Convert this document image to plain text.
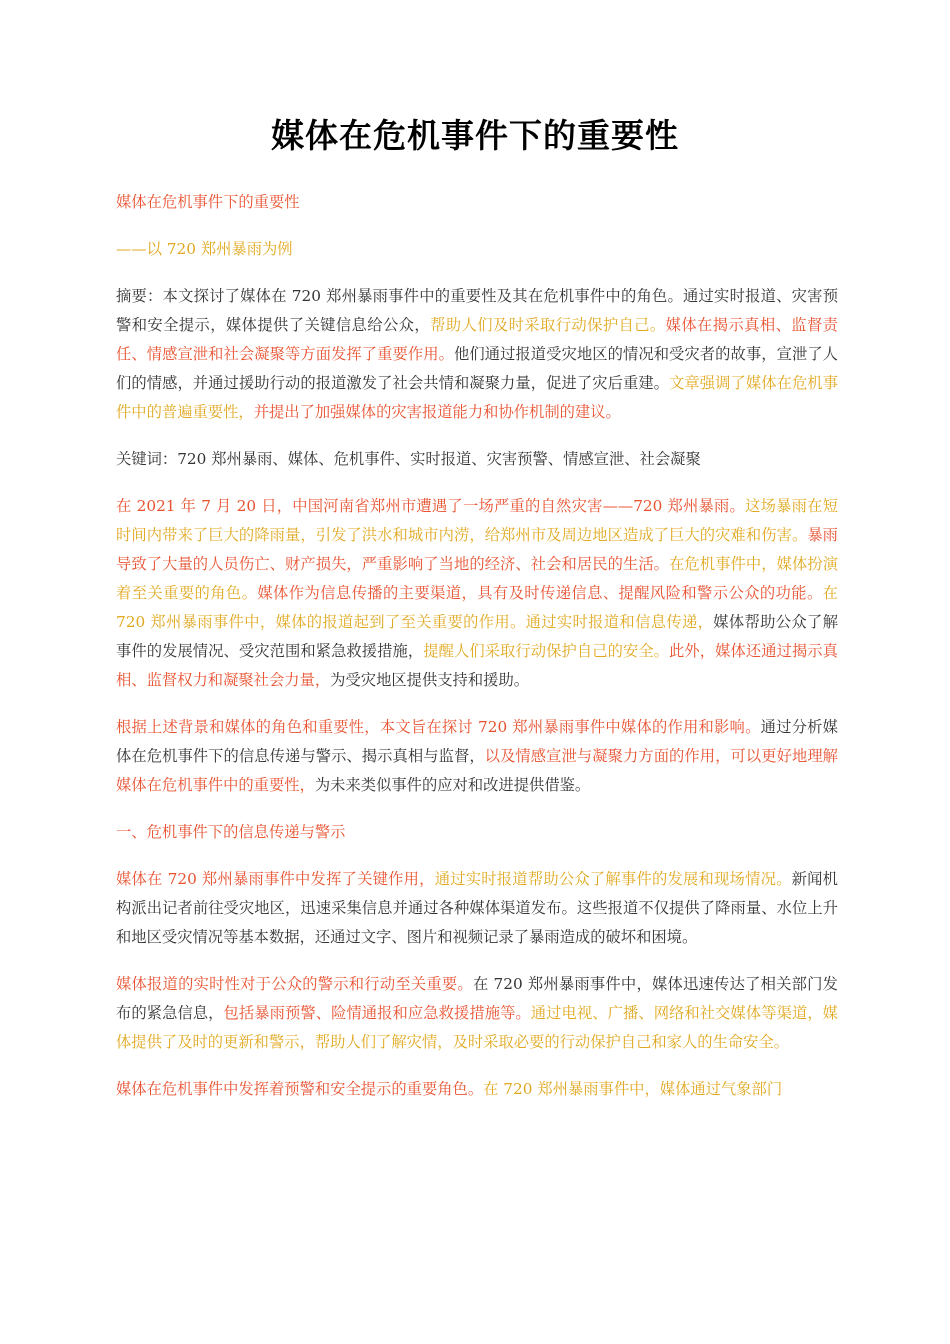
媒体在危机事件下的重要性

媒体在危机事件下的重要性

——以 720 郑州暴雨为例

摘要：本文探讨了媒体在 720 郑州暴雨事件中的重要性及其在危机事件中的角色。通过实时报道、灾害预警和安全提示，媒体提供了关键信息给公众，帮助人们及时采取行动保护自己。媒体在揭示真相、监督责任、情感宣泄和社会凝聚等方面发挥了重要作用。他们通过报道受灾地区的情况和受灾者的故事，宣泄了人们的情感，并通过援助行动的报道激发了社会共情和凝聚力量，促进了灾后重建。文章强调了媒体在危机事件中的普遍重要性，并提出了加强媒体的灾害报道能力和协作机制的建议。

关键词：720 郑州暴雨、媒体、危机事件、实时报道、灾害预警、情感宣泄、社会凝聚

在 2021 年 7 月 20 日，中国河南省郑州市遭遇了一场严重的自然灾害——720 郑州暴雨。这场暴雨在短时间内带来了巨大的降雨量，引发了洪水和城市内涝，给郑州市及周边地区造成了巨大的灾难和伤害。暴雨导致了大量的人员伤亡、财产损失，严重影响了当地的经济、社会和居民的生活。在危机事件中，媒体扮演着至关重要的角色。媒体作为信息传播的主要渠道，具有及时传递信息、提醒风险和警示公众的功能。在 720 郑州暴雨事件中，媒体的报道起到了至关重要的作用。通过实时报道和信息传递，媒体帮助公众了解事件的发展情况、受灾范围和紧急救援措施，提醒人们采取行动保护自己的安全。此外，媒体还通过揭示真相、监督权力和凝聚社会力量，为受灾地区提供支持和援助。

根据上述背景和媒体的角色和重要性，本文旨在探讨 720 郑州暴雨事件中媒体的作用和影响。通过分析媒体在危机事件下的信息传递与警示、揭示真相与监督，以及情感宣泄与凝聚力方面的作用，可以更好地理解媒体在危机事件中的重要性，为未来类似事件的应对和改进提供借鉴。

一、危机事件下的信息传递与警示

媒体在 720 郑州暴雨事件中发挥了关键作用，通过实时报道帮助公众了解事件的发展和现场情况。新闻机构派出记者前往受灾地区，迅速采集信息并通过各种媒体渠道发布。这些报道不仅提供了降雨量、水位上升和地区受灾情况等基本数据，还通过文字、图片和视频记录了暴雨造成的破坏和困境。

媒体报道的实时性对于公众的警示和行动至关重要。在 720 郑州暴雨事件中，媒体迅速传达了相关部门发布的紧急信息，包括暴雨预警、险情通报和应急救援措施等。通过电视、广播、网络和社交媒体等渠道，媒体提供了及时的更新和警示，帮助人们了解灾情，及时采取必要的行动保护自己和家人的生命安全。

媒体在危机事件中发挥着预警和安全提示的重要角色。在 720 郑州暴雨事件中，媒体通过气象部门
